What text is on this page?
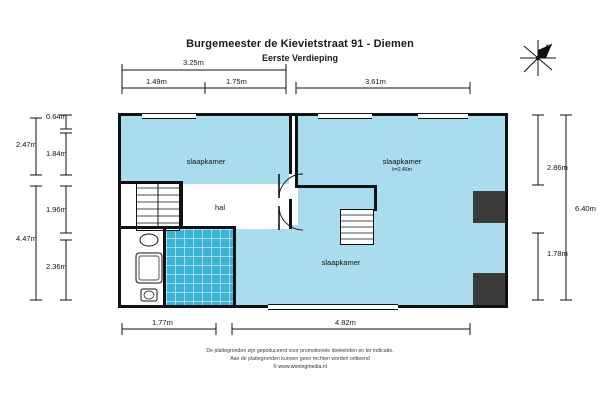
Burgemeester de Kievietstraat 91 - Diemen
Eerste Verdieping
N
3.25m
1.49m	1.75m	3.61m
0.64m
2.47m
1.84m
1.96m
4.47m
2.36m
2.86m
6.40m
1.78m
1.77m	4.82m
slaapkamer
hal
slaapkamer
h=2.46m
slaapkamer
De plattegronden zijn gepoduceerd voor promotionele doeleinden en ter indicatie.
Aan de plattegronden kunnen geen rechten worden ontleend
© www.woningmedia.nl
